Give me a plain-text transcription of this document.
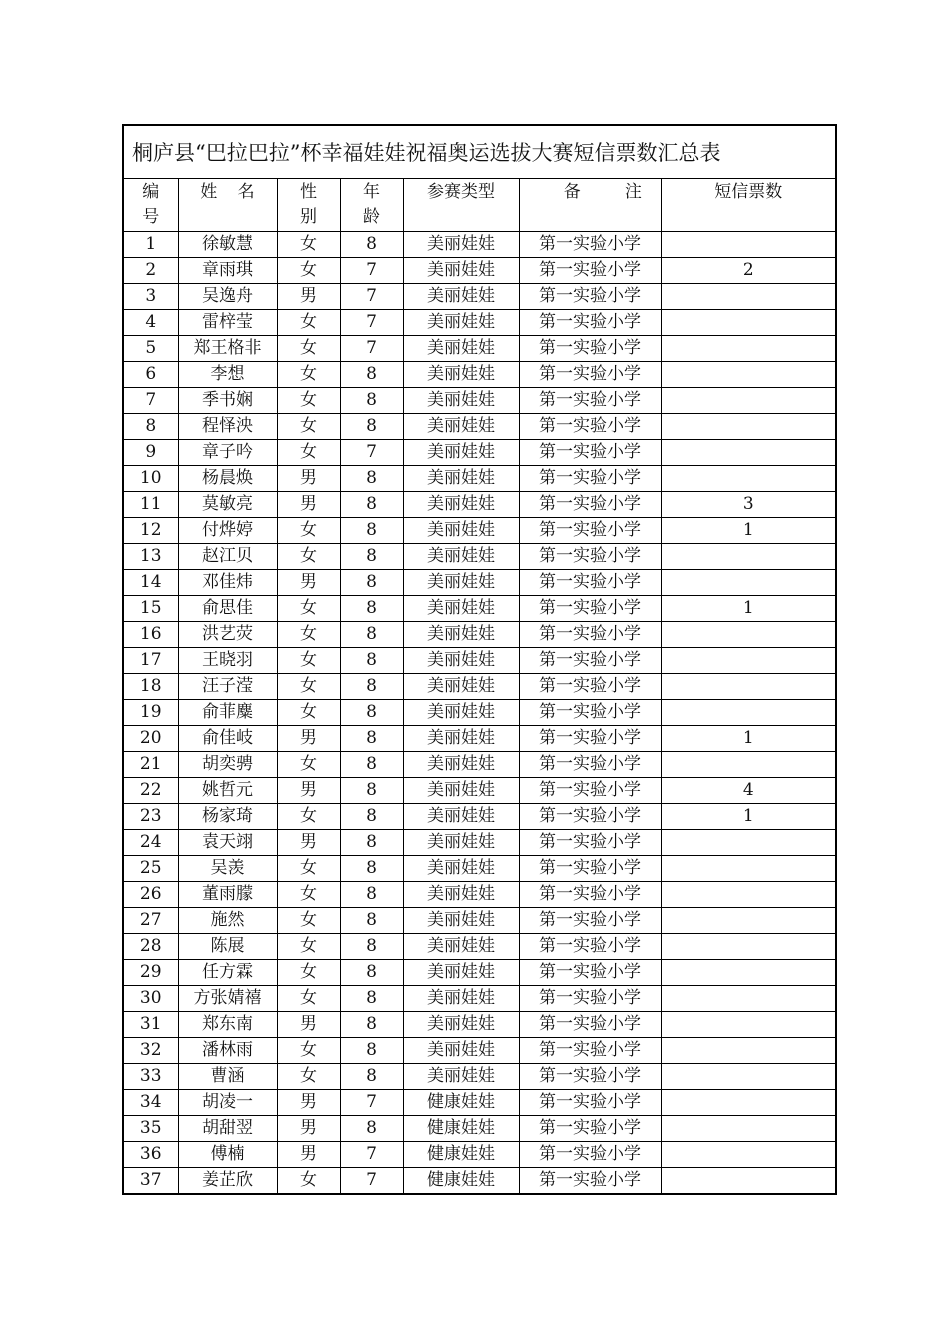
桐庐县“巴拉巴拉”杯幸福娃娃祝福奥运选拔大赛短信票数汇总表						

编号	姓名	性别	年龄	参赛类型	备注	短信票数
1	徐敏慧	女	8	美丽娃娃	第一实验小学	
2	章雨琪	女	7	美丽娃娃	第一实验小学	2
3	吴逸舟	男	7	美丽娃娃	第一实验小学	
4	雷梓莹	女	7	美丽娃娃	第一实验小学	
5	郑王格非	女	7	美丽娃娃	第一实验小学	
6	李想	女	8	美丽娃娃	第一实验小学	
7	季书娴	女	8	美丽娃娃	第一实验小学	
8	程怿泱	女	8	美丽娃娃	第一实验小学	
9	章子吟	女	7	美丽娃娃	第一实验小学	
10	杨晨焕	男	8	美丽娃娃	第一实验小学	
11	莫敏亮	男	8	美丽娃娃	第一实验小学	3
12	付烨婷	女	8	美丽娃娃	第一实验小学	1
13	赵江贝	女	8	美丽娃娃	第一实验小学	
14	邓佳炜	男	8	美丽娃娃	第一实验小学	
15	俞思佳	女	8	美丽娃娃	第一实验小学	1
16	洪艺荧	女	8	美丽娃娃	第一实验小学	
17	王晓羽	女	8	美丽娃娃	第一实验小学	
18	汪子滢	女	8	美丽娃娃	第一实验小学	
19	俞菲麋	女	8	美丽娃娃	第一实验小学	
20	俞佳岐	男	8	美丽娃娃	第一实验小学	1
21	胡奕骋	女	8	美丽娃娃	第一实验小学	
22	姚哲元	男	8	美丽娃娃	第一实验小学	4
23	杨家琦	女	8	美丽娃娃	第一实验小学	1
24	袁天翊	男	8	美丽娃娃	第一实验小学	
25	吴羡	女	8	美丽娃娃	第一实验小学	
26	董雨朦	女	8	美丽娃娃	第一实验小学	
27	施然	女	8	美丽娃娃	第一实验小学	
28	陈展	女	8	美丽娃娃	第一实验小学	
29	任方霖	女	8	美丽娃娃	第一实验小学	
30	方张婧禧	女	8	美丽娃娃	第一实验小学	
31	郑东南	男	8	美丽娃娃	第一实验小学	
32	潘林雨	女	8	美丽娃娃	第一实验小学	
33	曹涵	女	8	美丽娃娃	第一实验小学	
34	胡凌一	男	7	健康娃娃	第一实验小学	
35	胡甜翌	男	8	健康娃娃	第一实验小学	
36	傅楠	男	7	健康娃娃	第一实验小学	
37	姜芷欣	女	7	健康娃娃	第一实验小学	
